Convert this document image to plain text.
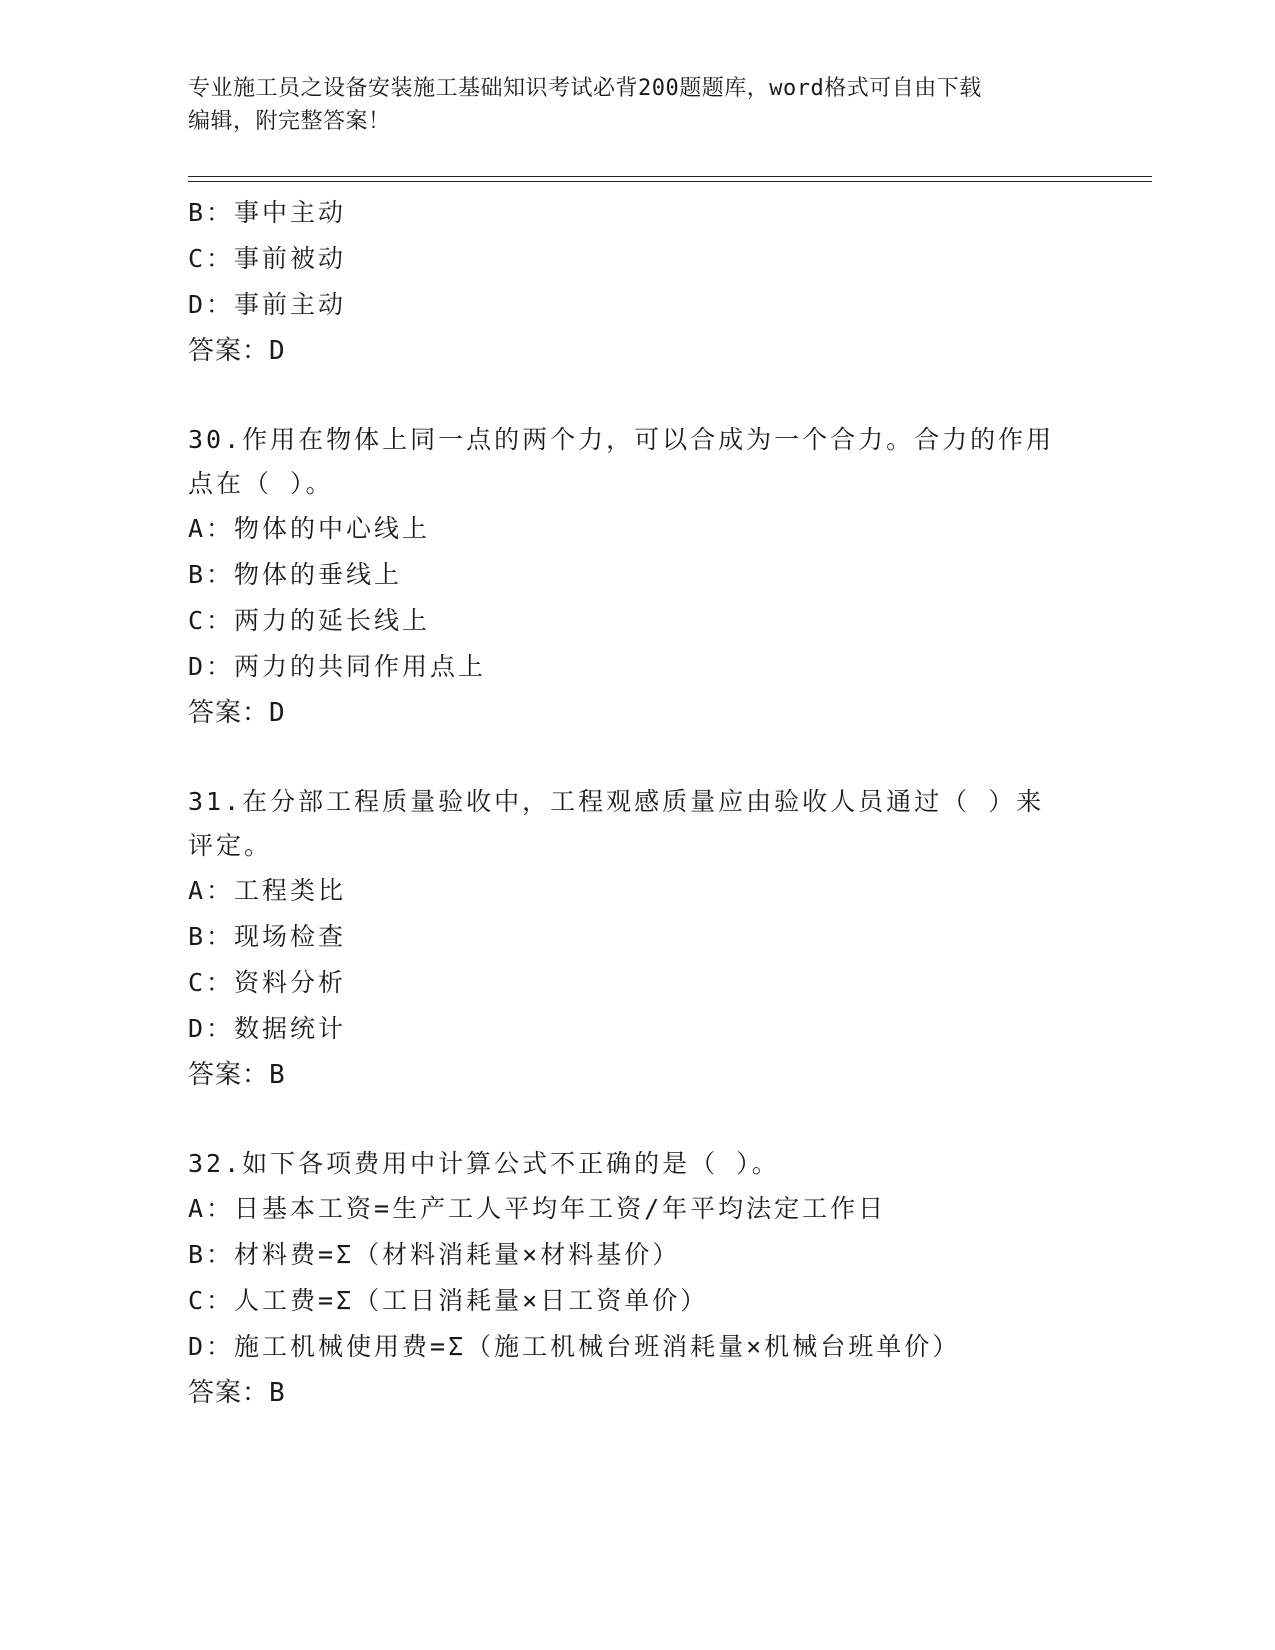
专业施工员之设备安装施工基础知识考试必背200题题库，word格式可自由下载
编辑，附完整答案！
B：事中主动
C：事前被动
D：事前主动
答案：D
30.作用在物体上同一点的两个力，可以合成为一个合力。合力的作用
点在（ ）。
A：物体的中心线上
B：物体的垂线上
C：两力的延长线上
D：两力的共同作用点上
答案：D
31.在分部工程质量验收中，工程观感质量应由验收人员通过（ ）来
评定。
A：工程类比
B：现场检查
C：资料分析
D：数据统计
答案：B
32.如下各项费用中计算公式不正确的是（ ）。
A：日基本工资=生产工人平均年工资/年平均法定工作日
B：材料费=Σ（材料消耗量×材料基价）
C：人工费=Σ（工日消耗量×日工资单价）
D：施工机械使用费=Σ（施工机械台班消耗量×机械台班单价）
答案：B
